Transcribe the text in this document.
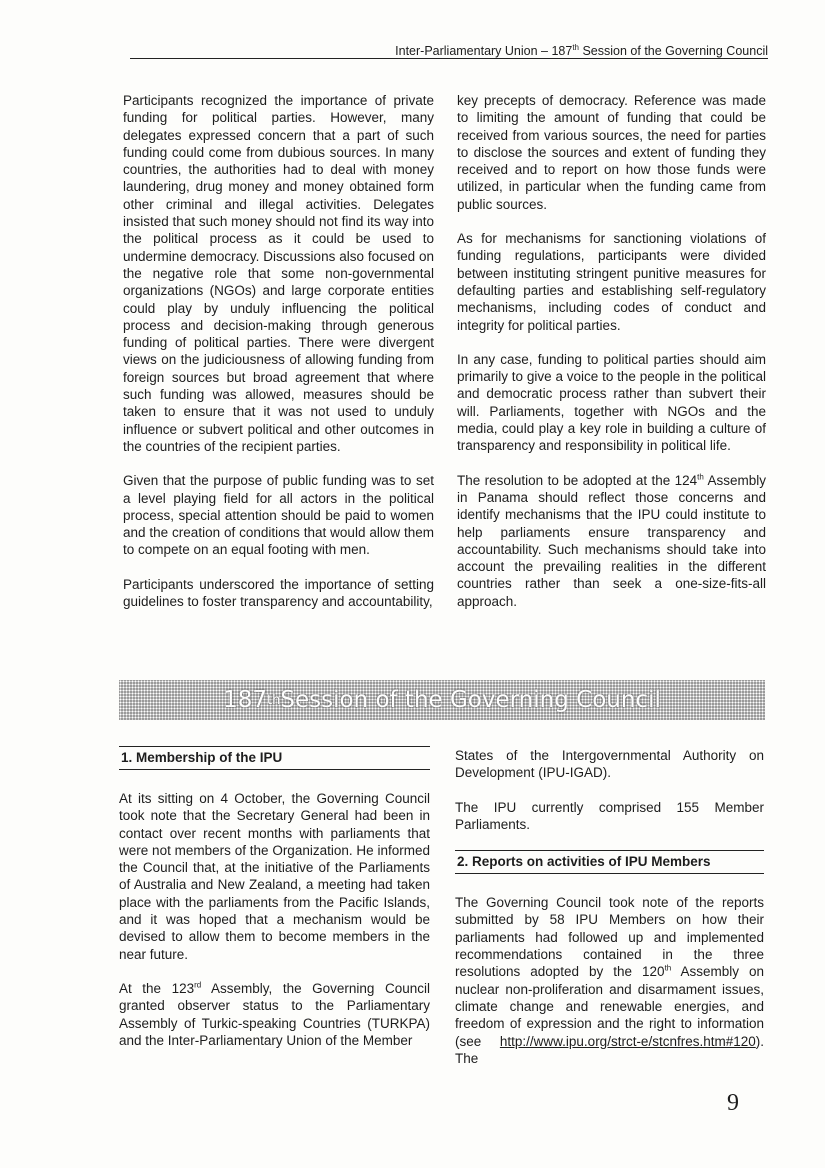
Inter-Parliamentary Union – 187th Session of the Governing Council

Participants recognized the importance of private funding for political parties. However, many delegates expressed concern that a part of such funding could come from dubious sources. In many countries, the authorities had to deal with money laundering, drug money and money obtained form other criminal and illegal activities. Delegates insisted that such money should not find its way into the political process as it could be used to undermine democracy. Discussions also focused on the negative role that some non-governmental organizations (NGOs) and large corporate entities could play by unduly influencing the political process and decision-making through generous funding of political parties. There were divergent views on the judiciousness of allowing funding from foreign sources but broad agreement that where such funding was allowed, measures should be taken to ensure that it was not used to unduly influence or subvert political and other outcomes in the countries of the recipient parties.

Given that the purpose of public funding was to set a level playing field for all actors in the political process, special attention should be paid to women and the creation of conditions that would allow them to compete on an equal footing with men.

Participants underscored the importance of setting guidelines to foster transparency and accountability,

key precepts of democracy. Reference was made to limiting the amount of funding that could be received from various sources, the need for parties to disclose the sources and extent of funding they received and to report on how those funds were utilized, in particular when the funding came from public sources.

As for mechanisms for sanctioning violations of funding regulations, participants were divided between instituting stringent punitive measures for defaulting parties and establishing self-regulatory mechanisms, including codes of conduct and integrity for political parties.

In any case, funding to political parties should aim primarily to give a voice to the people in the political and democratic process rather than subvert their will. Parliaments, together with NGOs and the media, could play a key role in building a culture of transparency and responsibility in political life.

The resolution to be adopted at the 124th Assembly in Panama should reflect those concerns and identify mechanisms that the IPU could institute to help parliaments ensure transparency and accountability. Such mechanisms should take into account the prevailing realities in the different countries rather than seek a one-size-fits-all approach.

187 th Session of the Governing Council
1. Membership of the IPU

At its sitting on 4 October, the Governing Council took note that the Secretary General had been in contact over recent months with parliaments that were not members of the Organization. He informed the Council that, at the initiative of the Parliaments of Australia and New Zealand, a meeting had taken place with the parliaments from the Pacific Islands, and it was hoped that a mechanism would be devised to allow them to become members in the near future.

At the 123rd Assembly, the Governing Council granted observer status to the Parliamentary Assembly of Turkic-speaking Countries (TURKPA) and the Inter-Parliamentary Union of the Member

States of the Intergovernmental Authority on Development (IPU-IGAD).

The IPU currently comprised 155 Member Parliaments.

2. Reports on activities of IPU Members

The Governing Council took note of the reports submitted by 58 IPU Members on how their parliaments had followed up and implemented recommendations contained in the three resolutions adopted by the 120th Assembly on nuclear non-proliferation and disarmament issues, climate change and renewable energies, and freedom of expression and the right to information (see http://www.ipu.org/strct-e/stcnfres.htm#120). The

9
